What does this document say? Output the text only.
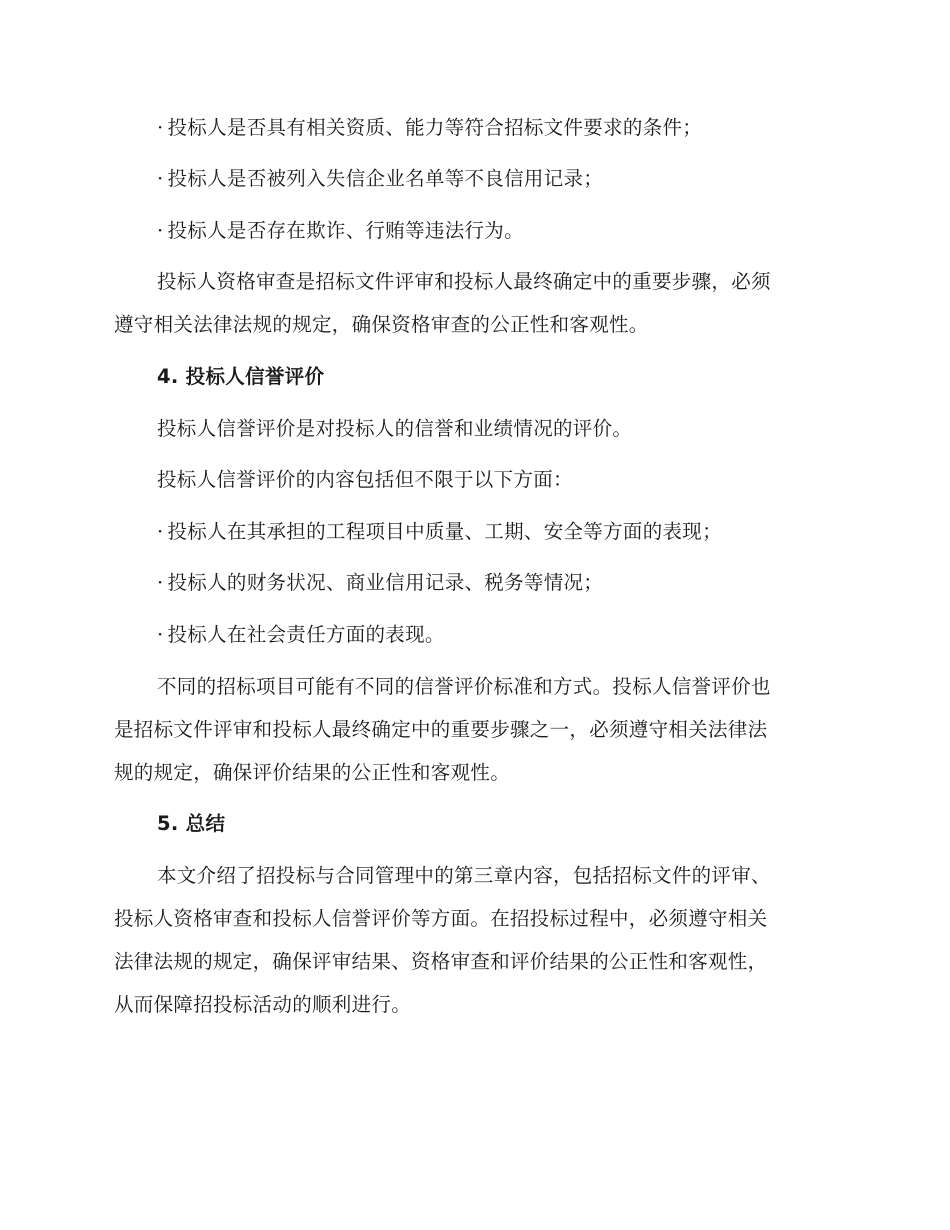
· 投标人是否具有相关资质、能力等符合招标文件要求的条件；
· 投标人是否被列入失信企业名单等不良信用记录；
· 投标人是否存在欺诈、行贿等违法行为。
投标人资格审查是招标文件评审和投标人最终确定中的重要步骤，必须
遵守相关法律法规的规定，确保资格审查的公正性和客观性。
4. 投标人信誉评价
投标人信誉评价是对投标人的信誉和业绩情况的评价。
投标人信誉评价的内容包括但不限于以下方面：
· 投标人在其承担的工程项目中质量、工期、安全等方面的表现；
· 投标人的财务状况、商业信用记录、税务等情况；
· 投标人在社会责任方面的表现。
不同的招标项目可能有不同的信誉评价标准和方式。投标人信誉评价也
是招标文件评审和投标人最终确定中的重要步骤之一，必须遵守相关法律法
规的规定，确保评价结果的公正性和客观性。
5. 总结
本文介绍了招投标与合同管理中的第三章内容，包括招标文件的评审、
投标人资格审查和投标人信誉评价等方面。在招投标过程中，必须遵守相关
法律法规的规定，确保评审结果、资格审查和评价结果的公正性和客观性，
从而保障招投标活动的顺利进行。
